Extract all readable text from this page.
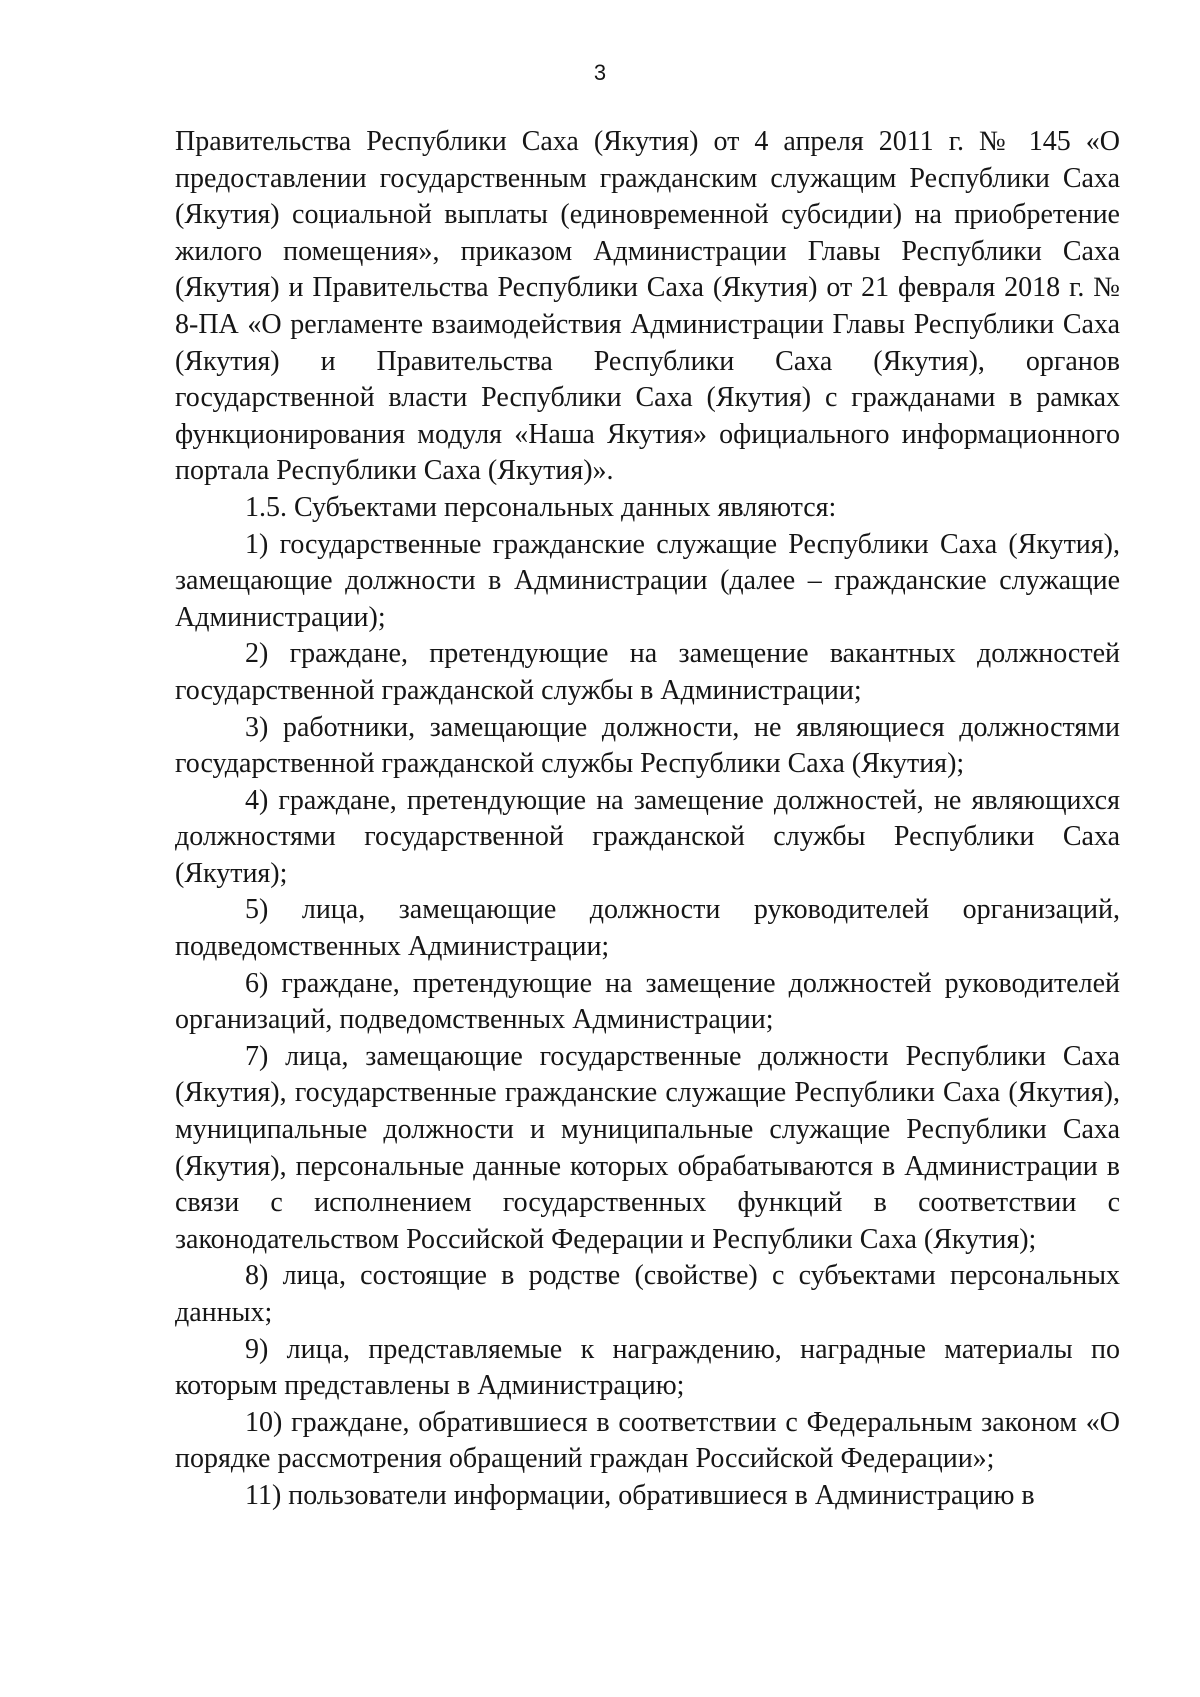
3

Правительства Республики Саха (Якутия) от 4 апреля 2011 г. № 145 «О предоставлении государственным гражданским служащим Республики Саха (Якутия) социальной выплаты (единовременной субсидии) на приобретение жилого помещения», приказом Администрации Главы Республики Саха (Якутия) и Правительства Республики Саха (Якутия) от 21 февраля 2018 г. № 8-ПА «О регламенте взаимодействия Администрации Главы Республики Саха (Якутия) и Правительства Республики Саха (Якутия), органов государственной власти Республики Саха (Якутия) с гражданами в рамках функционирования модуля «Наша Якутия» официального информационного портала Республики Саха (Якутия)».

1.5. Субъектами персональных данных являются:

1) государственные гражданские служащие Республики Саха (Якутия), замещающие должности в Администрации (далее – гражданские служащие Администрации);

2) граждане, претендующие на замещение вакантных должностей государственной гражданской службы в Администрации;

3) работники, замещающие должности, не являющиеся должностями государственной гражданской службы Республики Саха (Якутия);

4) граждане, претендующие на замещение должностей, не являющихся должностями государственной гражданской службы Республики Саха (Якутия);

5) лица, замещающие должности руководителей организаций, подведомственных Администрации;

6) граждане, претендующие на замещение должностей руководителей организаций, подведомственных Администрации;

7) лица, замещающие государственные должности Республики Саха (Якутия), государственные гражданские служащие Республики Саха (Якутия), муниципальные должности и муниципальные служащие Республики Саха (Якутия), персональные данные которых обрабатываются в Администрации в связи с исполнением государственных функций в соответствии с законодательством Российской Федерации и Республики Саха (Якутия);

8) лица, состоящие в родстве (свойстве) с субъектами персональных данных;

9) лица, представляемые к награждению, наградные материалы по которым представлены в Администрацию;

10) граждане, обратившиеся в соответствии с Федеральным законом «О порядке рассмотрения обращений граждан Российской Федерации»;

11) пользователи информации, обратившиеся в Администрацию в
